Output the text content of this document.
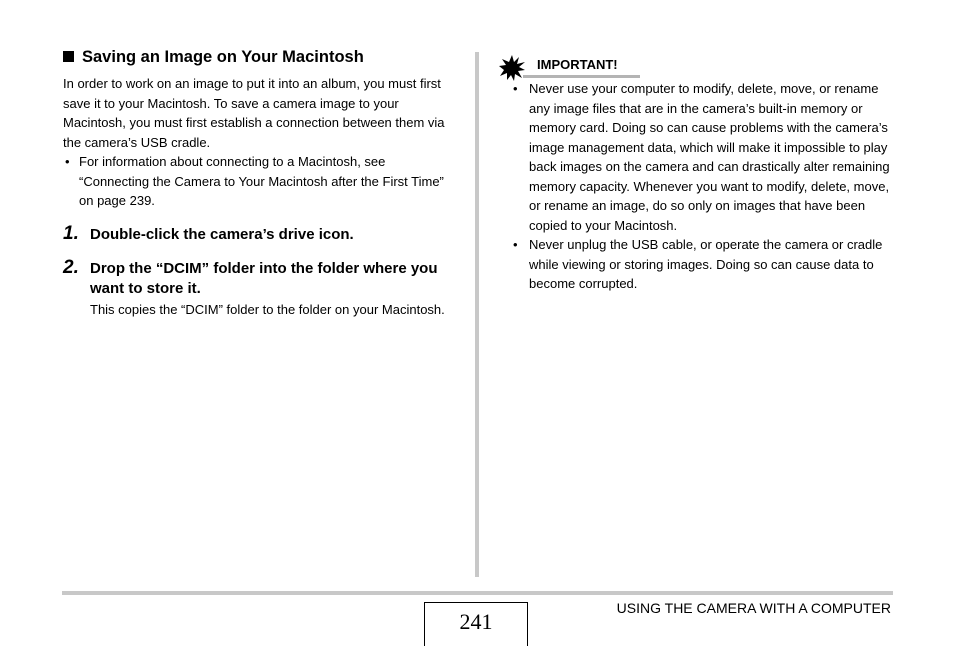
Saving an Image on Your Macintosh

In order to work on an image to put it into an album, you must first save it to your Macintosh. To save a camera image to your Macintosh, you must first establish a connection between them via the camera’s USB cradle.

• For information about connecting to a Macintosh, see “Connecting the Camera to Your Macintosh after the First Time” on page 239.
1. Double-click the camera’s drive icon.
2. Drop the “DCIM” folder into the folder where you want to store it.
This copies the “DCIM” folder to the folder on your Macintosh.
IMPORTANT!
• Never use your computer to modify, delete, move, or rename any image files that are in the camera’s built-in memory or memory card. Doing so can cause problems with the camera’s image management data, which will make it impossible to play back images on the camera and can drastically alter remaining memory capacity. Whenever you want to modify, delete, move, or rename an image, do so only on images that have been copied to your Macintosh.
• Never unplug the USB cable, or operate the camera or cradle while viewing or storing images. Doing so can cause data to become corrupted.
241
USING THE CAMERA WITH A COMPUTER
